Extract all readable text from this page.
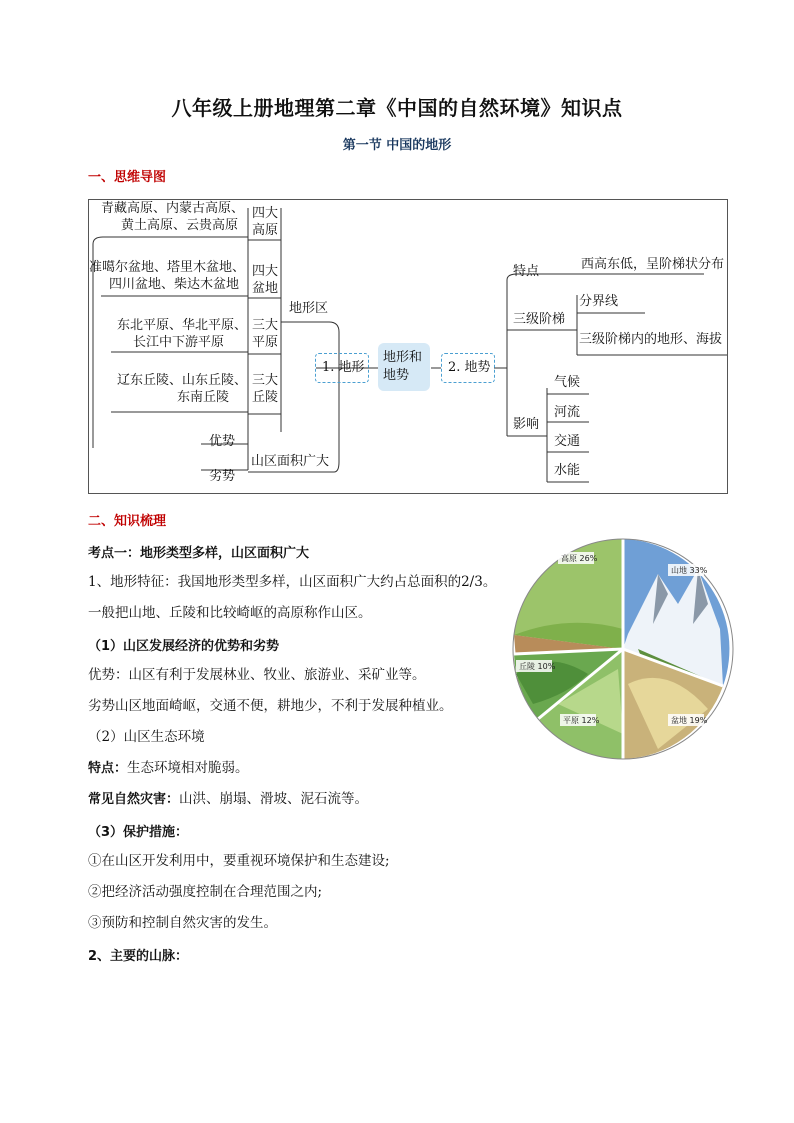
八年级上册地理第二章《中国的自然环境》知识点
第一节 中国的地形
一、思维导图
青藏高原、内蒙古高原、
黄土高原、云贵高原
四大
高原
准噶尔盆地、塔里木盆地、
四川盆地、柴达木盆地
四大
盆地
东北平原、华北平原、
长江中下游平原
三大
平原
辽东丘陵、山东丘陵、
东南丘陵
三大
丘陵
地形区
优势
劣势
山区面积广大
1. 地形
地形和
地势
2. 地势
特点	西高东低，呈阶梯状分布
三级阶梯
分界线
三级阶梯内的地形、海拔
影响
气候
河流
交通
水能
二、知识梳理
考点一：地形类型多样，山区面积广大
1、地形特征：我国地形类型多样，山区面积广大约占总面积的2/3。
一般把山地、丘陵和比较崎岖的高原称作山区。
（1）山区发展经济的优势和劣势
优势：山区有利于发展林业、牧业、旅游业、采矿业等。
劣势山区地面崎岖，交通不便，耕地少，不利于发展种植业。
（2）山区生态环境
特点：生态环境相对脆弱。
常见自然灾害：山洪、崩塌、滑坡、泥石流等。
（3）保护措施：
①在山区开发利用中，要重视环境保护和生态建设;
②把经济活动强度控制在合理范围之内;
③预防和控制自然灾害的发生。
2、主要的山脉：
高原 26%
山地 33%
盆地 19%
平原 12%
丘陵 10%
